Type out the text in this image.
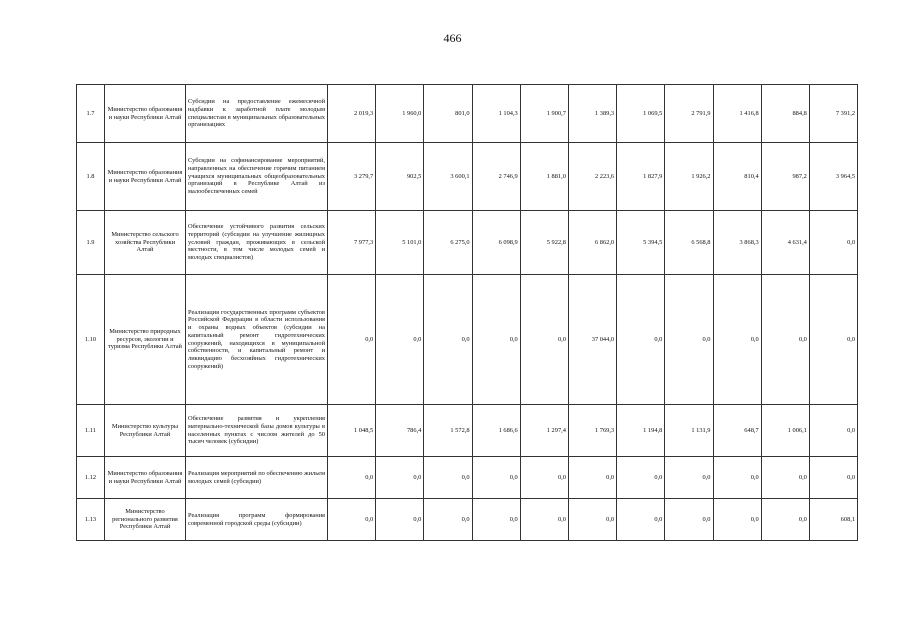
466
1.7	Министерство образования и науки Республики Алтай	Субсидии на предоставление ежемесячной надбавки к заработной плате молодым специалистам в муниципальных образовательных организациях	2 019,3	1 960,0	801,0	1 104,3	1 900,7	1 389,3	1 069,5	2 791,9	1 416,8	884,8	7 391,2
1.8	Министерство образования и науки Республики Алтай	Субсидии на софинансирование мероприятий, направленных на обеспечение горячим питанием учащихся муниципальных общеобразовательных организаций в Республике Алтай из малообеспеченных семей	3 279,7	902,5	3 600,1	2 746,9	1 881,0	2 223,6	1 827,9	1 926,2	810,4	987,2	3 964,5
1.9	Министерство сельского хозяйства Республики Алтай	Обеспечение устойчивого развития сельских территорий (субсидии на улучшение жилищных условий граждан, проживающих в сельской местности, в том числе молодых семей и молодых специалистов)	7 977,3	5 101,0	6 275,0	6 098,9	5 922,8	6 862,0	5 394,5	6 568,8	3 868,3	4 631,4	0,0
1.10	Министерство природных ресурсов, экологии и туризма Республики Алтай	Реализация государственных программ субъектов Российской Федерации в области использования и охраны водных объектов (субсидии на капитальный ремонт гидротехнических сооружений, находящихся в муниципальной собственности, и капитальный ремонт и ликвидацию бесхозяйных гидротехнических сооружений)	0,0	0,0	0,0	0,0	0,0	37 044,0	0,0	0,0	0,0	0,0	0,0
1.11	Министерство культуры Республики Алтай	Обеспечение развития и укрепления материально-технической базы домов культуры в населенных пунктах с числом жителей до 50 тысяч человек (субсидии)	1 048,5	786,4	1 572,8	1 686,6	1 297,4	1 769,3	1 194,8	1 131,9	648,7	1 006,1	0,0
1.12	Министерство образования и науки Республики Алтай	Реализация мероприятий по обеспечению жильем молодых семей (субсидии)	0,0	0,0	0,0	0,0	0,0	0,0	0,0	0,0	0,0	0,0	0,0
1.13	Министерство регионального развития Республики Алтай	Реализация программ формирования современной городской среды (субсидии)	0,0	0,0	0,0	0,0	0,0	0,0	0,0	0,0	0,0	0,0	608,1
